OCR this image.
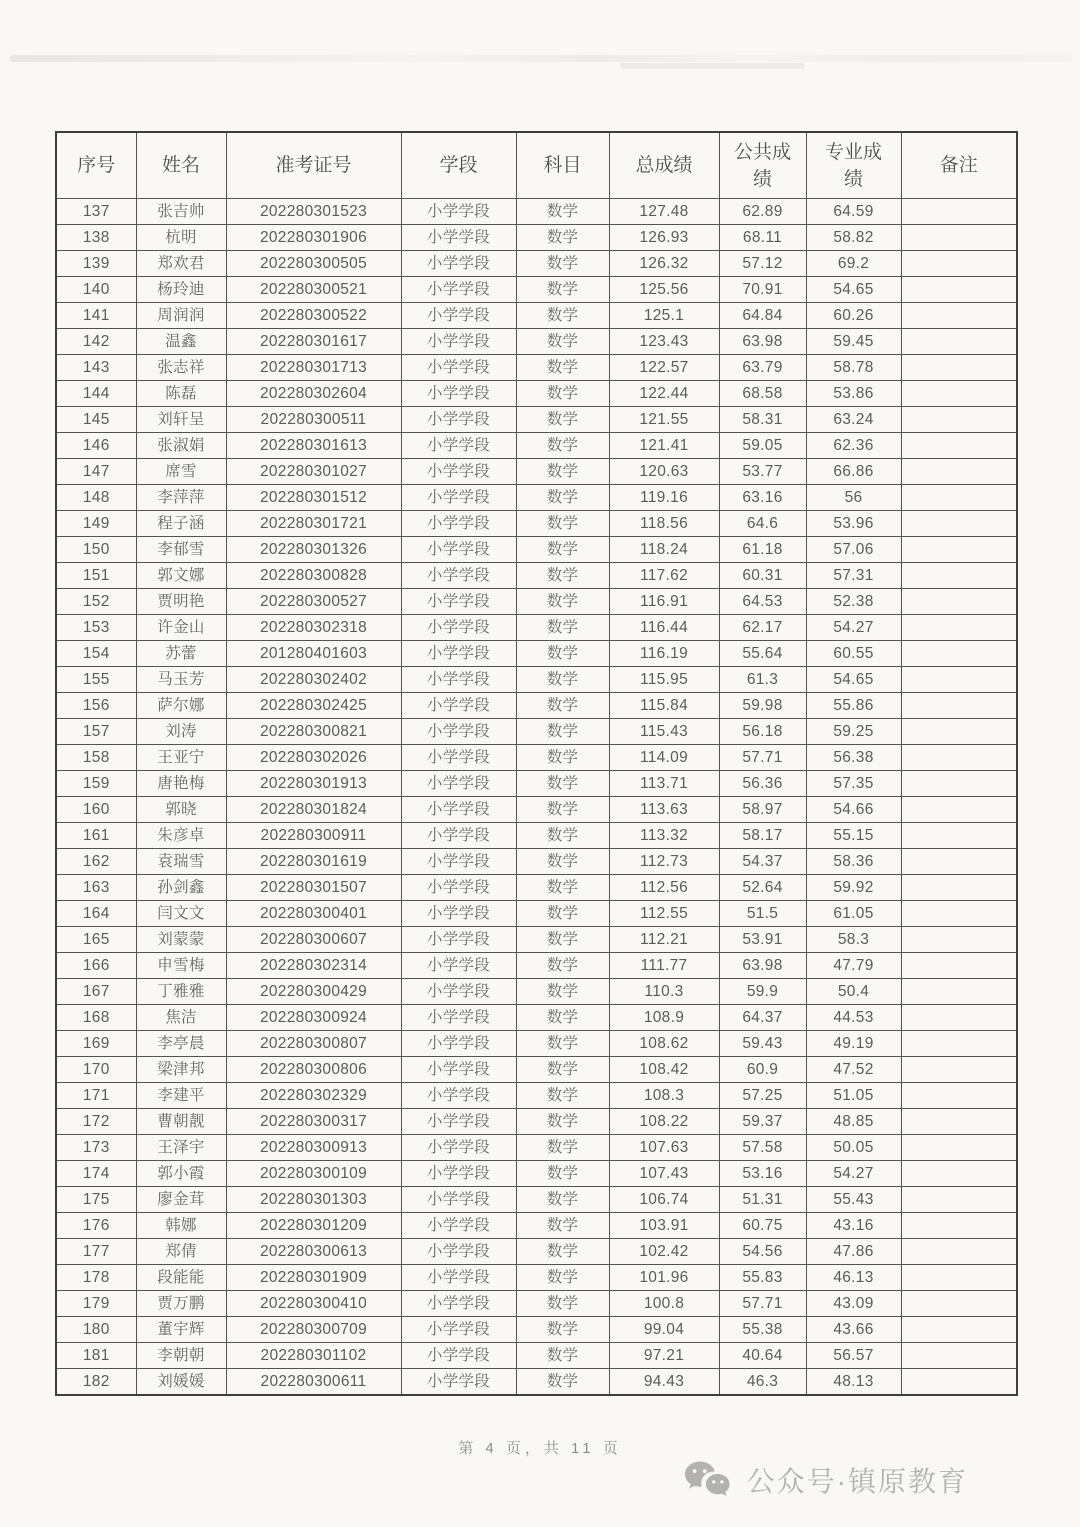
序号	姓名	准考证号	学段	科目	总成绩	公共成绩	专业成绩	备注
137	张吉帅	202280301523	小学学段	数学	127.48	62.89	64.59	
138	杭明	202280301906	小学学段	数学	126.93	68.11	58.82	
139	郑欢君	202280300505	小学学段	数学	126.32	57.12	69.2	
140	杨玲迪	202280300521	小学学段	数学	125.56	70.91	54.65	
141	周润润	202280300522	小学学段	数学	125.1	64.84	60.26	
142	温鑫	202280301617	小学学段	数学	123.43	63.98	59.45	
143	张志祥	202280301713	小学学段	数学	122.57	63.79	58.78	
144	陈磊	202280302604	小学学段	数学	122.44	68.58	53.86	
145	刘轩呈	202280300511	小学学段	数学	121.55	58.31	63.24	
146	张淑娟	202280301613	小学学段	数学	121.41	59.05	62.36	
147	席雪	202280301027	小学学段	数学	120.63	53.77	66.86	
148	李萍萍	202280301512	小学学段	数学	119.16	63.16	56	
149	程子涵	202280301721	小学学段	数学	118.56	64.6	53.96	
150	李郁雪	202280301326	小学学段	数学	118.24	61.18	57.06	
151	郭文娜	202280300828	小学学段	数学	117.62	60.31	57.31	
152	贾明艳	202280300527	小学学段	数学	116.91	64.53	52.38	
153	许金山	202280302318	小学学段	数学	116.44	62.17	54.27	
154	苏蕾	201280401603	小学学段	数学	116.19	55.64	60.55	
155	马玉芳	202280302402	小学学段	数学	115.95	61.3	54.65	
156	萨尔娜	202280302425	小学学段	数学	115.84	59.98	55.86	
157	刘涛	202280300821	小学学段	数学	115.43	56.18	59.25	
158	王亚宁	202280302026	小学学段	数学	114.09	57.71	56.38	
159	唐艳梅	202280301913	小学学段	数学	113.71	56.36	57.35	
160	郭晓	202280301824	小学学段	数学	113.63	58.97	54.66	
161	朱彦卓	202280300911	小学学段	数学	113.32	58.17	55.15	
162	袁瑞雪	202280301619	小学学段	数学	112.73	54.37	58.36	
163	孙剑鑫	202280301507	小学学段	数学	112.56	52.64	59.92	
164	闫文文	202280300401	小学学段	数学	112.55	51.5	61.05	
165	刘蒙蒙	202280300607	小学学段	数学	112.21	53.91	58.3	
166	申雪梅	202280302314	小学学段	数学	111.77	63.98	47.79	
167	丁雅雅	202280300429	小学学段	数学	110.3	59.9	50.4	
168	焦洁	202280300924	小学学段	数学	108.9	64.37	44.53	
169	李亭晨	202280300807	小学学段	数学	108.62	59.43	49.19	
170	梁津邦	202280300806	小学学段	数学	108.42	60.9	47.52	
171	李建平	202280302329	小学学段	数学	108.3	57.25	51.05	
172	曹朝靓	202280300317	小学学段	数学	108.22	59.37	48.85	
173	王泽宇	202280300913	小学学段	数学	107.63	57.58	50.05	
174	郭小霞	202280300109	小学学段	数学	107.43	53.16	54.27	
175	廖金茸	202280301303	小学学段	数学	106.74	51.31	55.43	
176	韩娜	202280301209	小学学段	数学	103.91	60.75	43.16	
177	郑倩	202280300613	小学学段	数学	102.42	54.56	47.86	
178	段能能	202280301909	小学学段	数学	101.96	55.83	46.13	
179	贾万鹏	202280300410	小学学段	数学	100.8	57.71	43.09	
180	董宇辉	202280300709	小学学段	数学	99.04	55.38	43.66	
181	李朝朝	202280301102	小学学段	数学	97.21	40.64	56.57	
182	刘媛媛	202280300611	小学学段	数学	94.43	46.3	48.13	
第 4 页，共 11 页
公众号·镇原教育
